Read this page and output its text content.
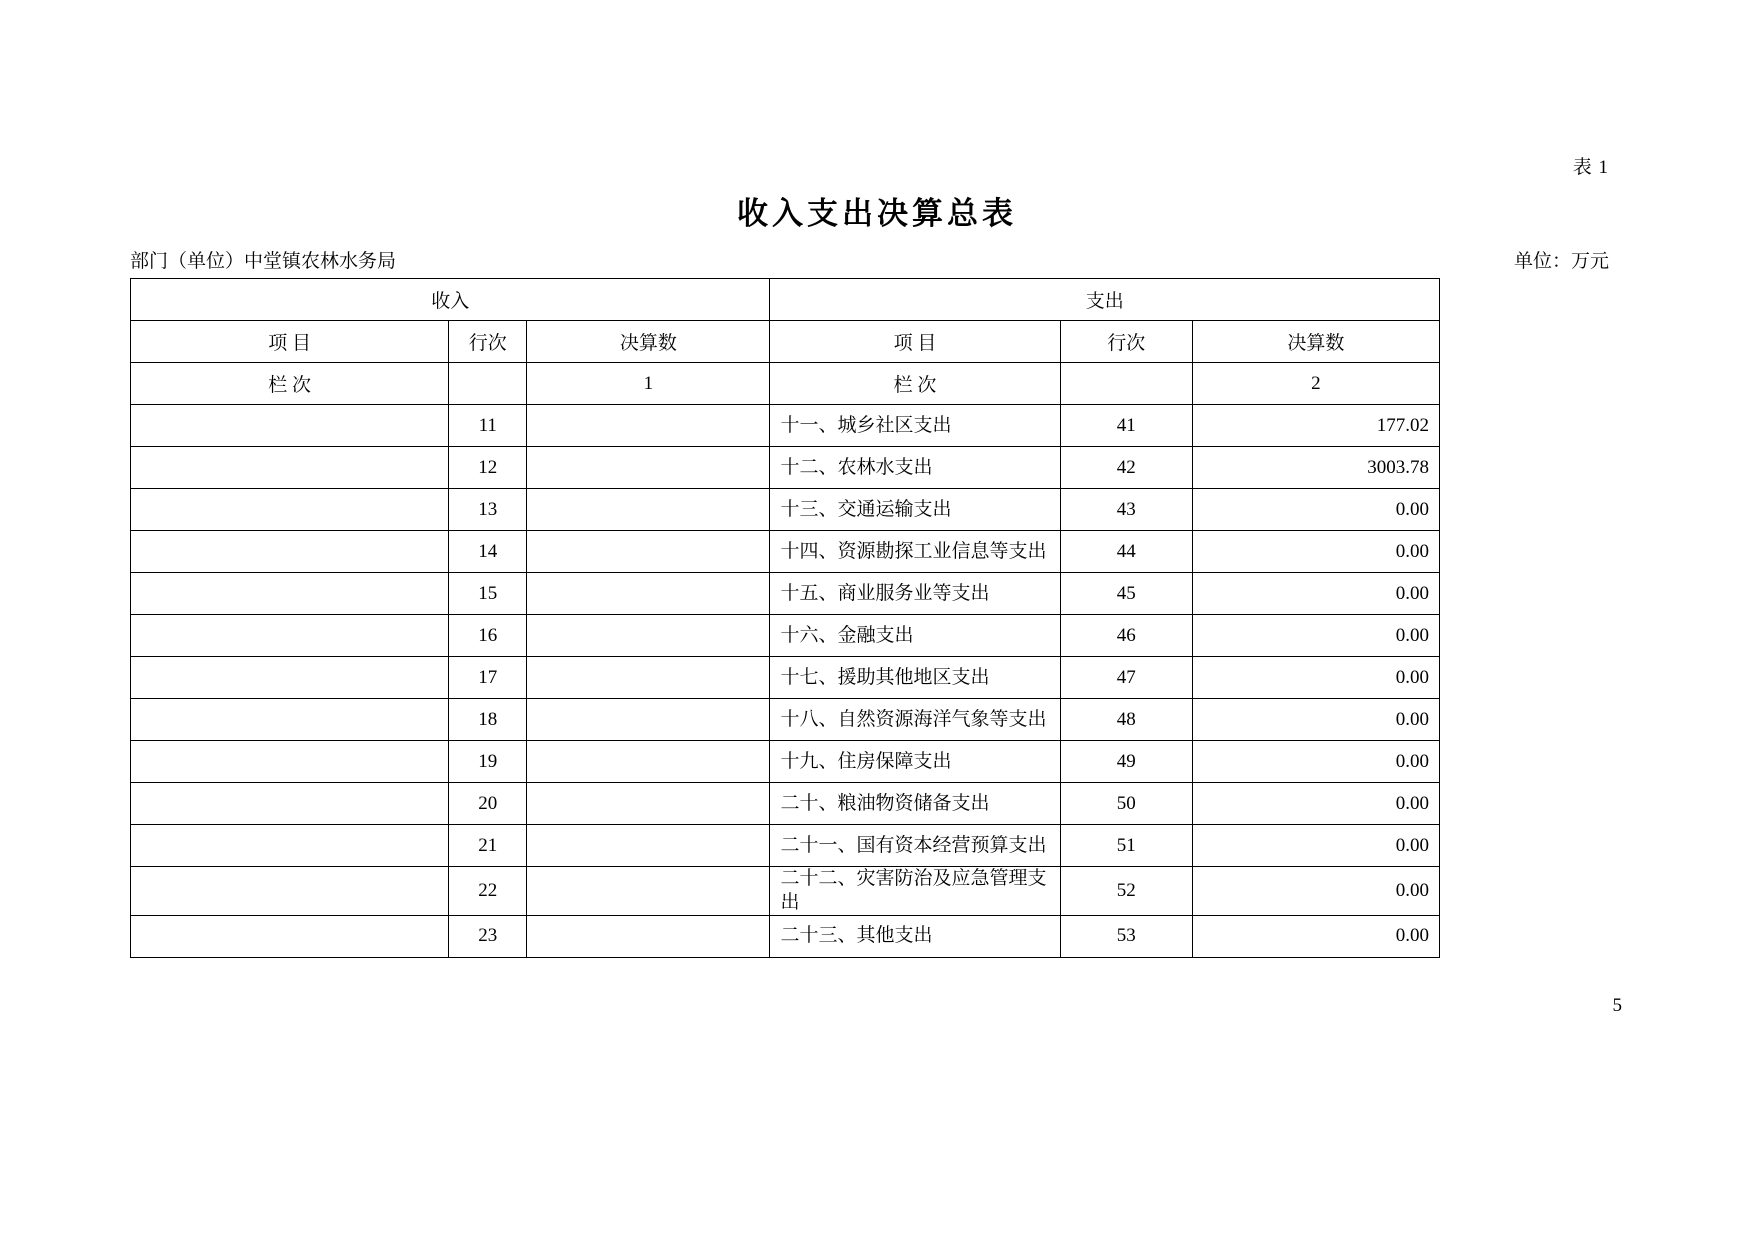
表 1
收入支出决算总表
部门（单位）中堂镇农林水务局	单位：万元
收入			支出		
项 目	行次	决算数	项 目	行次	决算数
栏 次		1	栏 次		2
	11		十一、城乡社区支出	41	177.02
	12		十二、农林水支出	42	3003.78
	13		十三、交通运输支出	43	0.00
	14		十四、资源勘探工业信息等支出	44	0.00
	15		十五、商业服务业等支出	45	0.00
	16		十六、金融支出	46	0.00
	17		十七、援助其他地区支出	47	0.00
	18		十八、自然资源海洋气象等支出	48	0.00
	19		十九、住房保障支出	49	0.00
	20		二十、粮油物资储备支出	50	0.00
	21		二十一、国有资本经营预算支出	51	0.00
	22		二十二、灾害防治及应急管理支出	52	0.00
	23		二十三、其他支出	53	0.00
5
